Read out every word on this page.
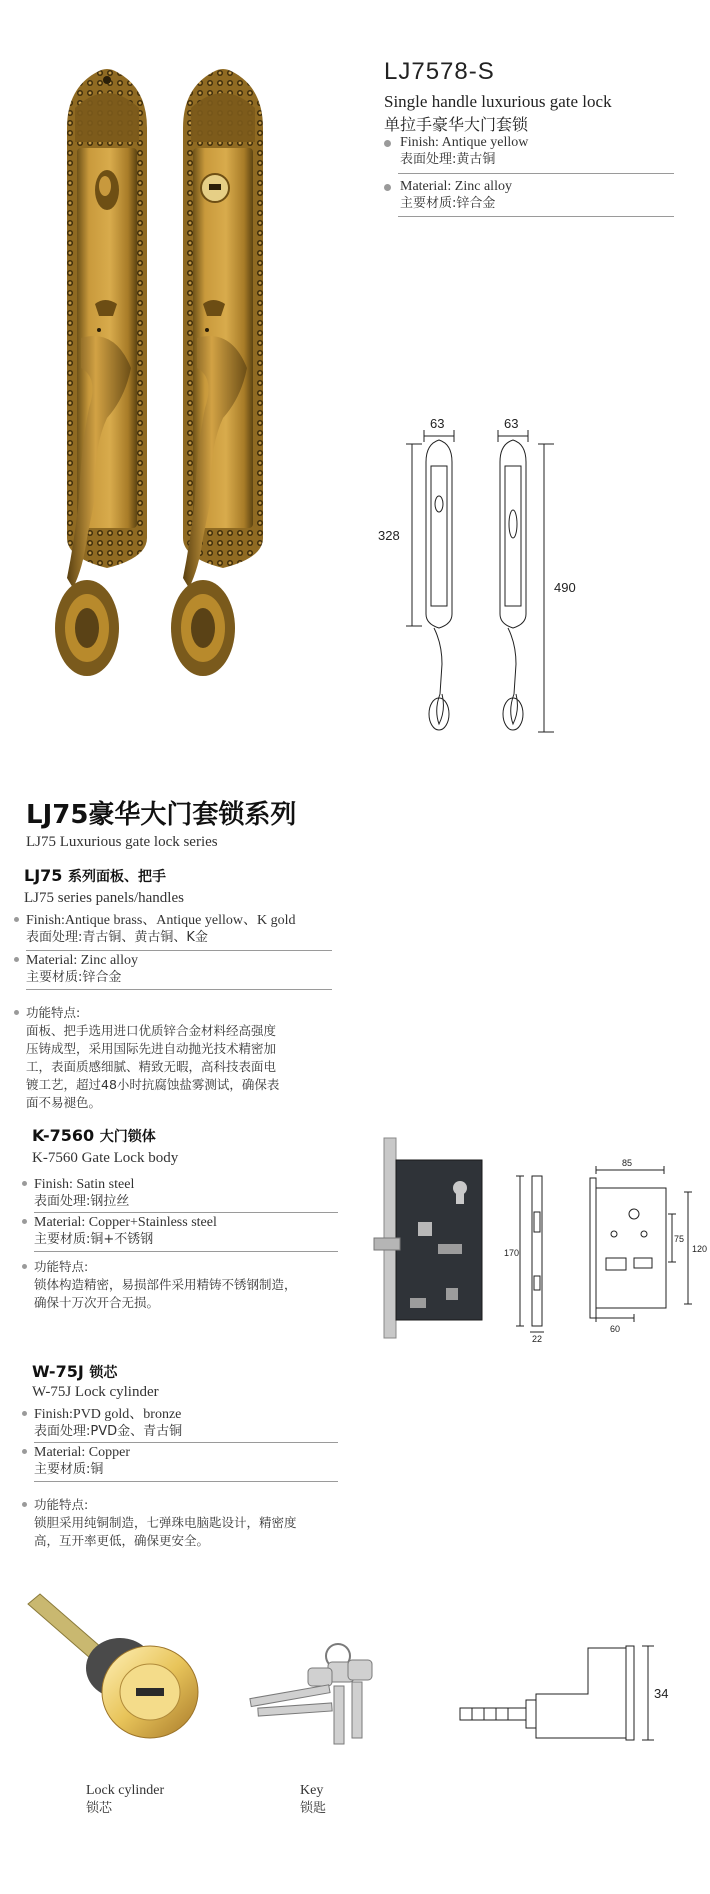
LJ7578-S
Single handle luxurious gate lock
单拉手豪华大门套锁
Finish: Antique yellow
表面处理:黄古铜
Material: Zinc alloy
主要材质:锌合金
63	63
328
490
LJ75豪华大门套锁系列
LJ75 Luxurious gate lock series
LJ75 系列面板、把手
LJ75 series panels/handles
Finish:Antique brass、Antique yellow、K gold
表面处理:青古铜、黄古铜、K金
Material: Zinc alloy
主要材质:锌合金
功能特点:
面板、把手选用进口优质锌合金材料经高强度
压铸成型，采用国际先进自动抛光技术精密加
工，表面质感细腻、精致无暇，高科技表面电
镀工艺，超过48小时抗腐蚀盐雾测试，确保表
面不易褪色。
K-7560 大门锁体
K-7560 Gate Lock body
Finish: Satin steel
表面处理:钢拉丝
Material: Copper+Stainless steel
主要材质:铜+不锈钢
功能特点:
锁体构造精密，易损部件采用精铸不锈钢制造，
确保十万次开合无损。
170
22
85
75
120
60
W-75J 锁芯
W-75J Lock cylinder
Finish:PVD gold、bronze
表面处理:PVD金、青古铜
Material: Copper
主要材质:铜
功能特点:
锁胆采用纯铜制造，七弹珠电脑匙设计，精密度
高，互开率更低，确保更安全。
34
Lock cylinder
锁芯
Key
锁匙
